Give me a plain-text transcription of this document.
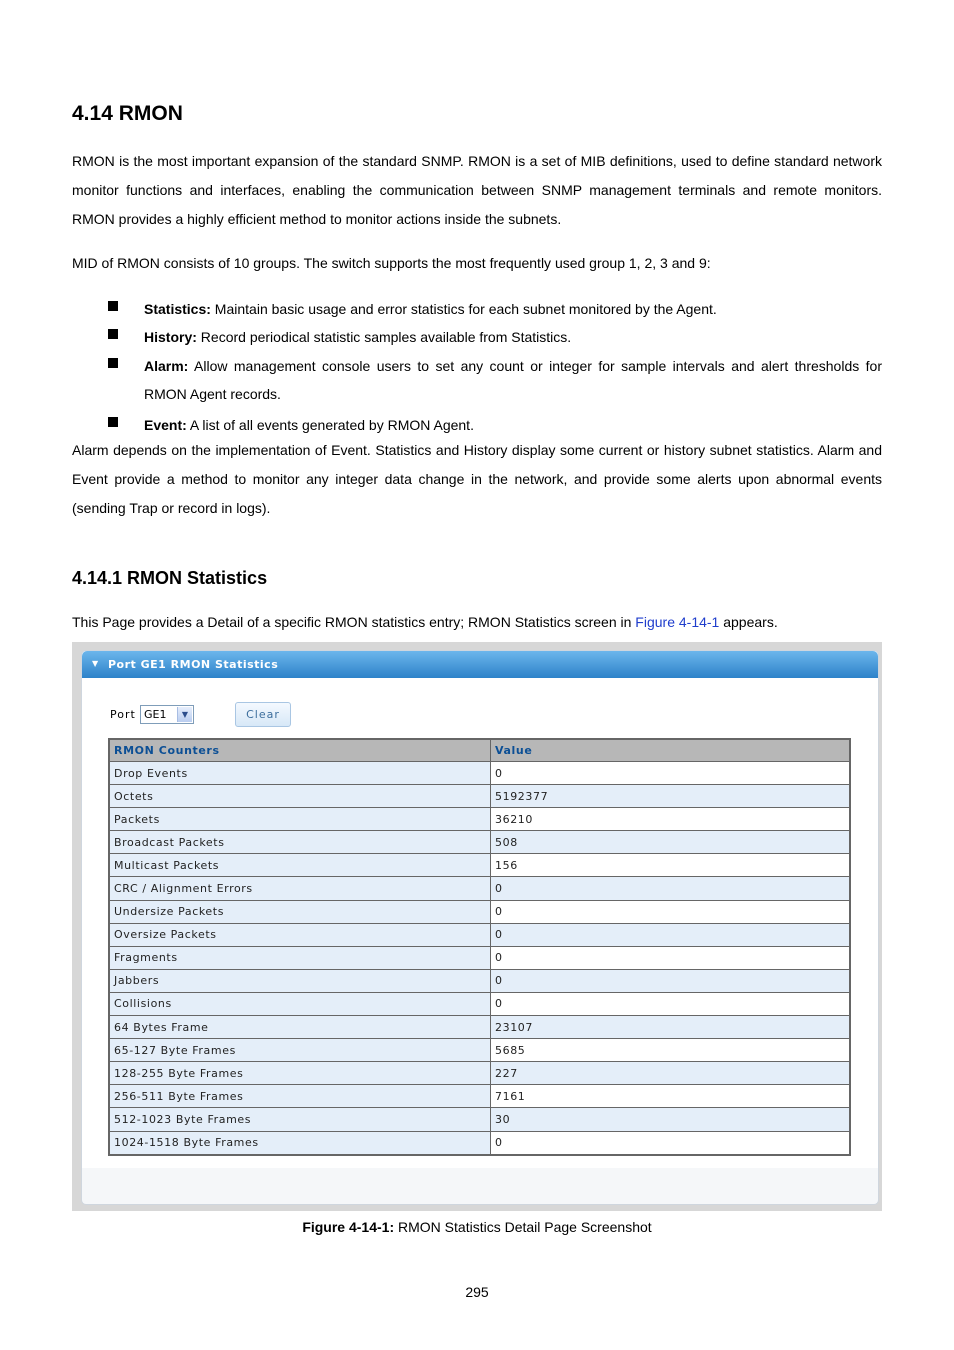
4.14 RMON
RMON is the most important expansion of the standard SNMP. RMON is a set of MIB definitions, used to define standard network monitor functions and interfaces, enabling the communication between SNMP management terminals and remote monitors. RMON provides a highly efficient method to monitor actions inside the subnets.
MID of RMON consists of 10 groups. The switch supports the most frequently used group 1, 2, 3 and 9:
Statistics: Maintain basic usage and error statistics for each subnet monitored by the Agent.
History: Record periodical statistic samples available from Statistics.
Alarm: Allow management console users to set any count or integer for sample intervals and alert thresholds for RMON Agent records.
Event: A list of all events generated by RMON Agent.
Alarm depends on the implementation of Event. Statistics and History display some current or history subnet statistics. Alarm and Event provide a method to monitor any integer data change in the network, and provide some alerts upon abnormal events (sending Trap or record in logs).
4.14.1 RMON Statistics
This Page provides a Detail of a specific RMON statistics entry; RMON Statistics screen in Figure 4-14-1 appears.
▼ Port GE1 RMON Statistics
Port GE1	▼	Clear
RMON Counters	Value
Drop Events	0
Octets	5192377
Packets	36210
Broadcast Packets	508
Multicast Packets	156
CRC / Alignment Errors	0
Undersize Packets	0
Oversize Packets	0
Fragments	0
Jabbers	0
Collisions	0
64 Bytes Frame	23107
65-127 Byte Frames	5685
128-255 Byte Frames	227
256-511 Byte Frames	7161
512-1023 Byte Frames	30
1024-1518 Byte Frames	0
Figure 4-14-1: RMON Statistics Detail Page Screenshot
295
